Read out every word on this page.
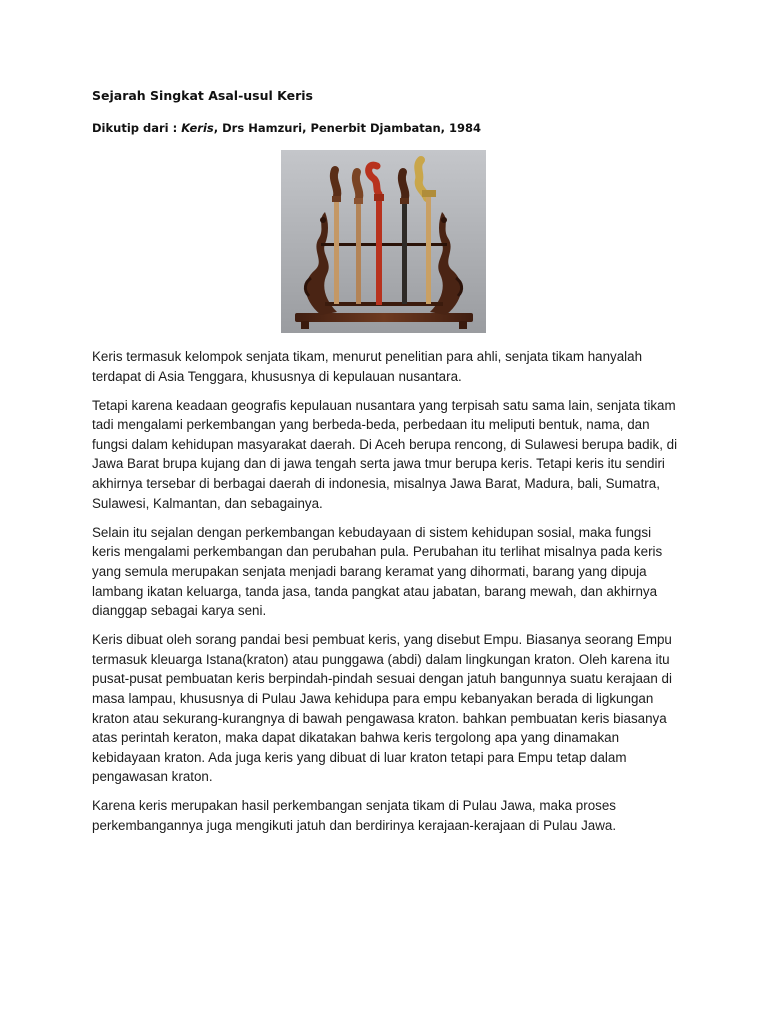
Sejarah Singkat Asal-usul Keris
Dikutip dari : Keris, Drs Hamzuri, Penerbit Djambatan, 1984

Keris termasuk kelompok senjata tikam, menurut penelitian para ahli, senjata tikam hanyalah terdapat di Asia Tenggara, khususnya di kepulauan nusantara.

Tetapi karena keadaan geografis kepulauan nusantara yang terpisah satu sama lain, senjata tikam tadi mengalami perkembangan yang berbeda-beda, perbedaan itu meliputi bentuk, nama, dan fungsi dalam kehidupan masyarakat daerah. Di Aceh berupa rencong, di Sulawesi berupa badik, di Jawa Barat brupa kujang dan di jawa tengah serta jawa tmur berupa keris. Tetapi keris itu sendiri akhirnya tersebar di berbagai daerah di indonesia, misalnya Jawa Barat, Madura, bali, Sumatra, Sulawesi, Kalmantan, dan sebagainya.

Selain itu sejalan dengan perkembangan kebudayaan di sistem kehidupan sosial, maka fungsi keris mengalami perkembangan dan perubahan pula. Perubahan itu terlihat misalnya pada keris yang semula merupakan senjata menjadi barang keramat yang dihormati, barang yang dipuja lambang ikatan keluarga, tanda jasa, tanda pangkat atau jabatan, barang mewah, dan akhirnya dianggap sebagai karya seni.

Keris dibuat oleh sorang pandai besi pembuat keris, yang disebut Empu. Biasanya seorang Empu termasuk kleuarga Istana(kraton) atau punggawa (abdi) dalam lingkungan kraton. Oleh karena itu pusat-pusat pembuatan keris berpindah-pindah sesuai dengan jatuh bangunnya suatu kerajaan di masa lampau, khususnya di Pulau Jawa kehidupa para empu kebanyakan berada di ligkungan kraton atau sekurang-kurangnya di bawah pengawasa kraton. bahkan pembuatan keris biasanya atas perintah keraton, maka dapat dikatakan bahwa keris tergolong apa yang dinamakan kebidayaan kraton. Ada juga keris yang dibuat di luar kraton tetapi para Empu tetap dalam pengawasan kraton.

Karena keris merupakan hasil perkembangan senjata tikam di Pulau Jawa, maka proses perkembangannya juga mengikuti jatuh dan berdirinya kerajaan-kerajaan di Pulau Jawa.
